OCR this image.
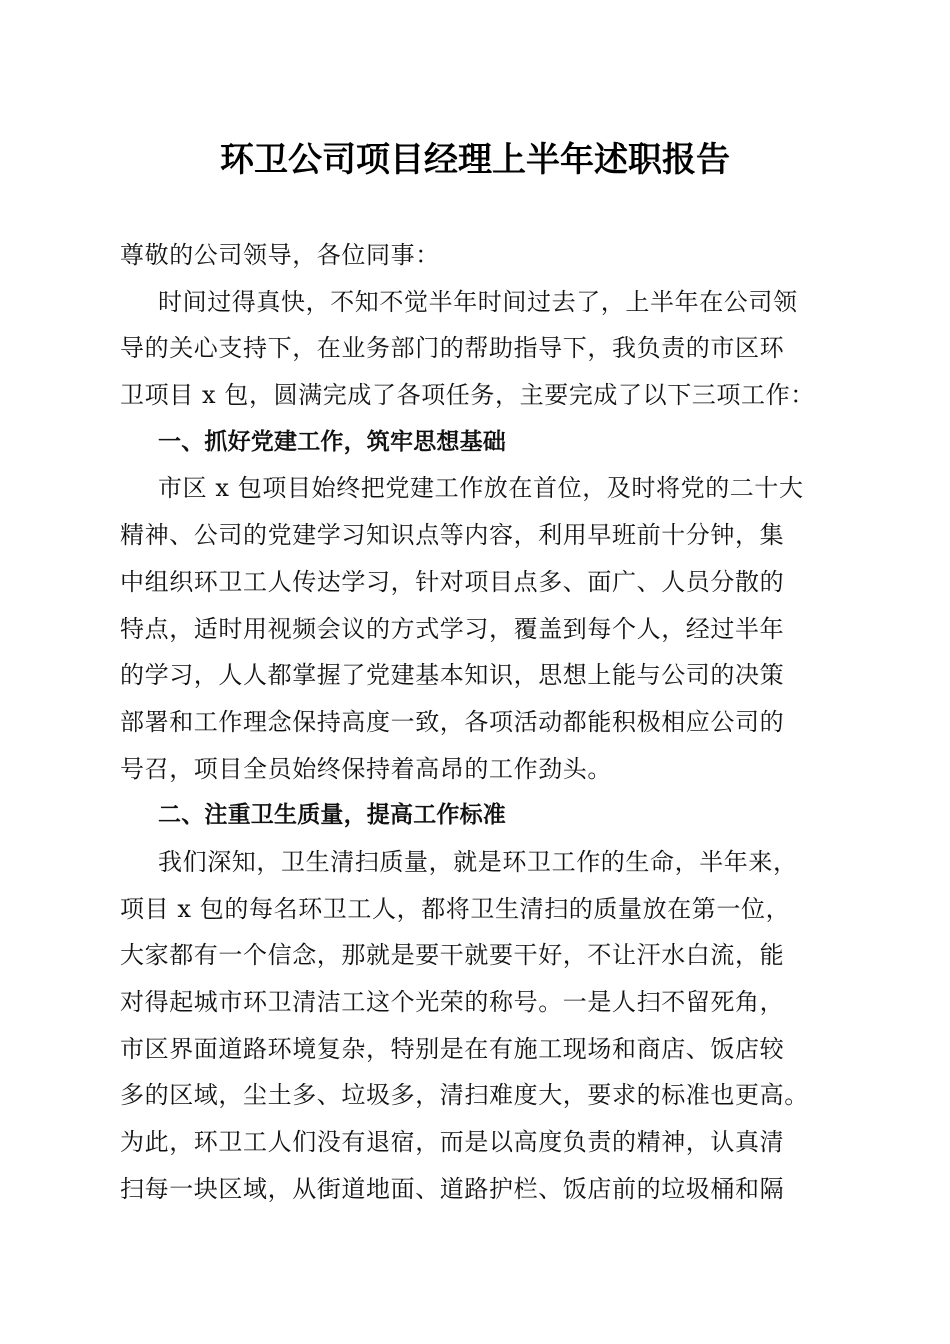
环卫公司项目经理上半年述职报告
尊敬的公司领导，各位同事：
时间过得真快，不知不觉半年时间过去了，上半年在公司领
导的关心支持下，在业务部门的帮助指导下，我负责的市区环
卫项目 x 包，圆满完成了各项任务，主要完成了以下三项工作：
一、抓好党建工作，筑牢思想基础
市区 x 包项目始终把党建工作放在首位，及时将党的二十大
精神、公司的党建学习知识点等内容，利用早班前十分钟，集
中组织环卫工人传达学习，针对项目点多、面广、人员分散的
特点，适时用视频会议的方式学习，覆盖到每个人，经过半年
的学习，人人都掌握了党建基本知识，思想上能与公司的决策
部署和工作理念保持高度一致，各项活动都能积极相应公司的
号召，项目全员始终保持着高昂的工作劲头。
二、注重卫生质量，提高工作标准
我们深知，卫生清扫质量，就是环卫工作的生命，半年来，
项目 x 包的每名环卫工人，都将卫生清扫的质量放在第一位，
大家都有一个信念，那就是要干就要干好，不让汗水白流，能
对得起城市环卫清洁工这个光荣的称号。一是人扫不留死角，
市区界面道路环境复杂，特别是在有施工现场和商店、饭店较
多的区域，尘土多、垃圾多，清扫难度大，要求的标准也更高。
为此，环卫工人们没有退宿，而是以高度负责的精神，认真清
扫每一块区域，从街道地面、道路护栏、饭店前的垃圾桶和隔
